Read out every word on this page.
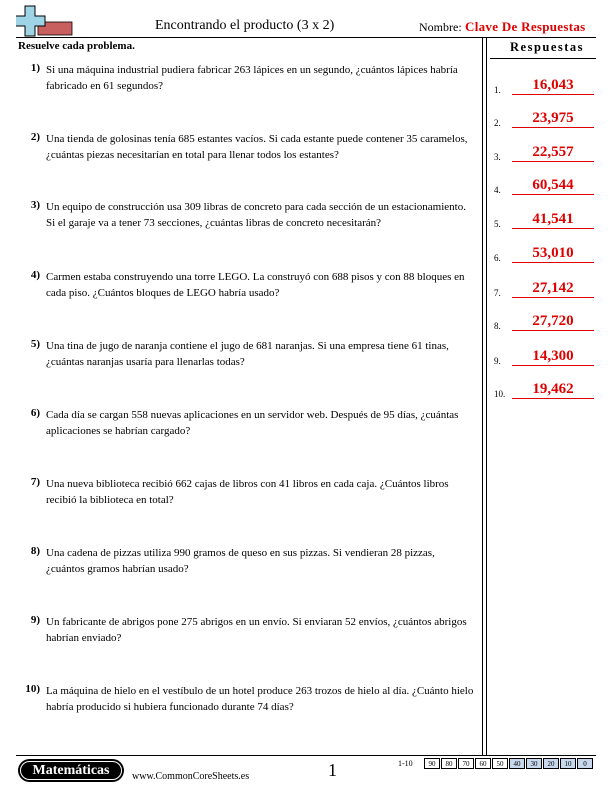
Encontrando el producto (3 x 2)	Nombre: Clave De Respuestas
Resuelve cada problema.	Respuestas
1) Si una máquina industrial pudiera fabricar 263 lápices en un segundo, ¿cuántos lápices habría fabricado en 61 segundos?
2) Una tienda de golosinas tenía 685 estantes vacíos. Si cada estante puede contener 35 caramelos, ¿cuántas piezas necesitarían en total para llenar todos los estantes?
3) Un equipo de construcción usa 309 libras de concreto para cada sección de un estacionamiento. Si el garaje va a tener 73 secciones, ¿cuántas libras de concreto necesitarán?
4) Carmen estaba construyendo una torre LEGO. La construyó con 688 pisos y con 88 bloques en cada piso. ¿Cuántos bloques de LEGO habría usado?
5) Una tina de jugo de naranja contiene el jugo de 681 naranjas. Si una empresa tiene 61 tinas, ¿cuántas naranjas usaría para llenarlas todas?
6) Cada día se cargan 558 nuevas aplicaciones en un servidor web. Después de 95 días, ¿cuántas aplicaciones se habrían cargado?
7) Una nueva biblioteca recibió 662 cajas de libros con 41 libros en cada caja. ¿Cuántos libros recibió la biblioteca en total?
8) Una cadena de pizzas utiliza 990 gramos de queso en sus pizzas. Si vendieran 28 pizzas, ¿cuántos gramos habrían usado?
9) Un fabricante de abrigos pone 275 abrigos en un envío. Si enviaran 52 envíos, ¿cuántos abrigos habrían enviado?
10) La máquina de hielo en el vestíbulo de un hotel produce 263 trozos de hielo al día. ¿Cuánto hielo habría producido si hubiera funcionado durante 74 días?
1.	16,043
2.	23,975
3.	22,557
4.	60,544
5.	41,541
6.	53,010
7.	27,142
8.	27,720
9.	14,300
10.	19,462
Matemáticas	www.CommonCoreSheets.es	1	1-10	90	80	70	60	50	40	30	20	10	0
